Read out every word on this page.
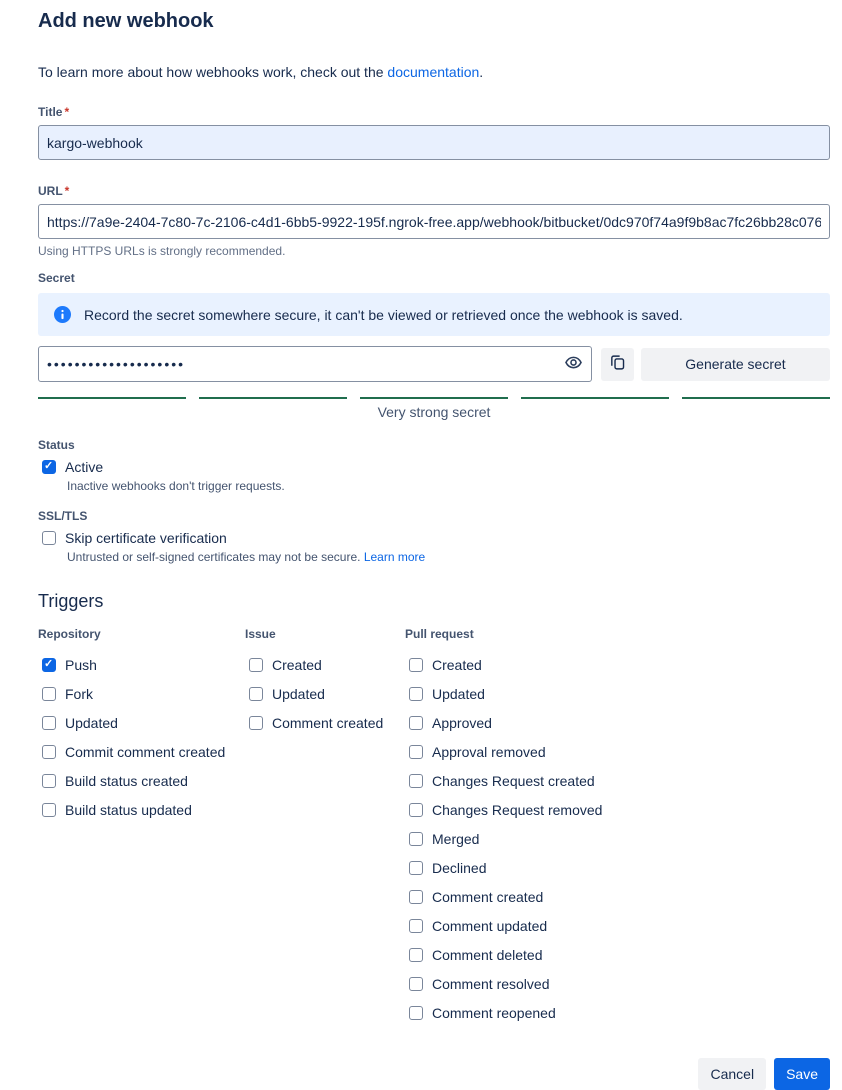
Add new webhook

To learn more about how webhooks work, check out the documentation.

Title *
kargo-webhook
URL *
https://7a9e-2404-7c80-7c-2106-c4d1-6bb5-9922-195f.ngrok-free.app/webhook/bitbucket/0dc970f74a9f9b8ac7fc26bb28c076c0c9
Using HTTPS URLs is strongly recommended.
Secret
Record the secret somewhere secure, it can't be viewed or retrieved once the webhook is saved.
••••••••••••••••••••
Generate secret
Very strong secret
Status
✓
Active
Inactive webhooks don't trigger requests.
SSL/TLS
Skip certificate verification
Untrusted or self-signed certificates may not be secure. Learn more
Triggers
Repository
✓
Push
Fork
Updated
Commit comment created
Build status created
Build status updated
Issue
Created
Updated
Comment created
Pull request
Created
Updated
Approved
Approval removed
Changes Request created
Changes Request removed
Merged
Declined
Comment created
Comment updated
Comment deleted
Comment resolved
Comment reopened
Cancel	Save
